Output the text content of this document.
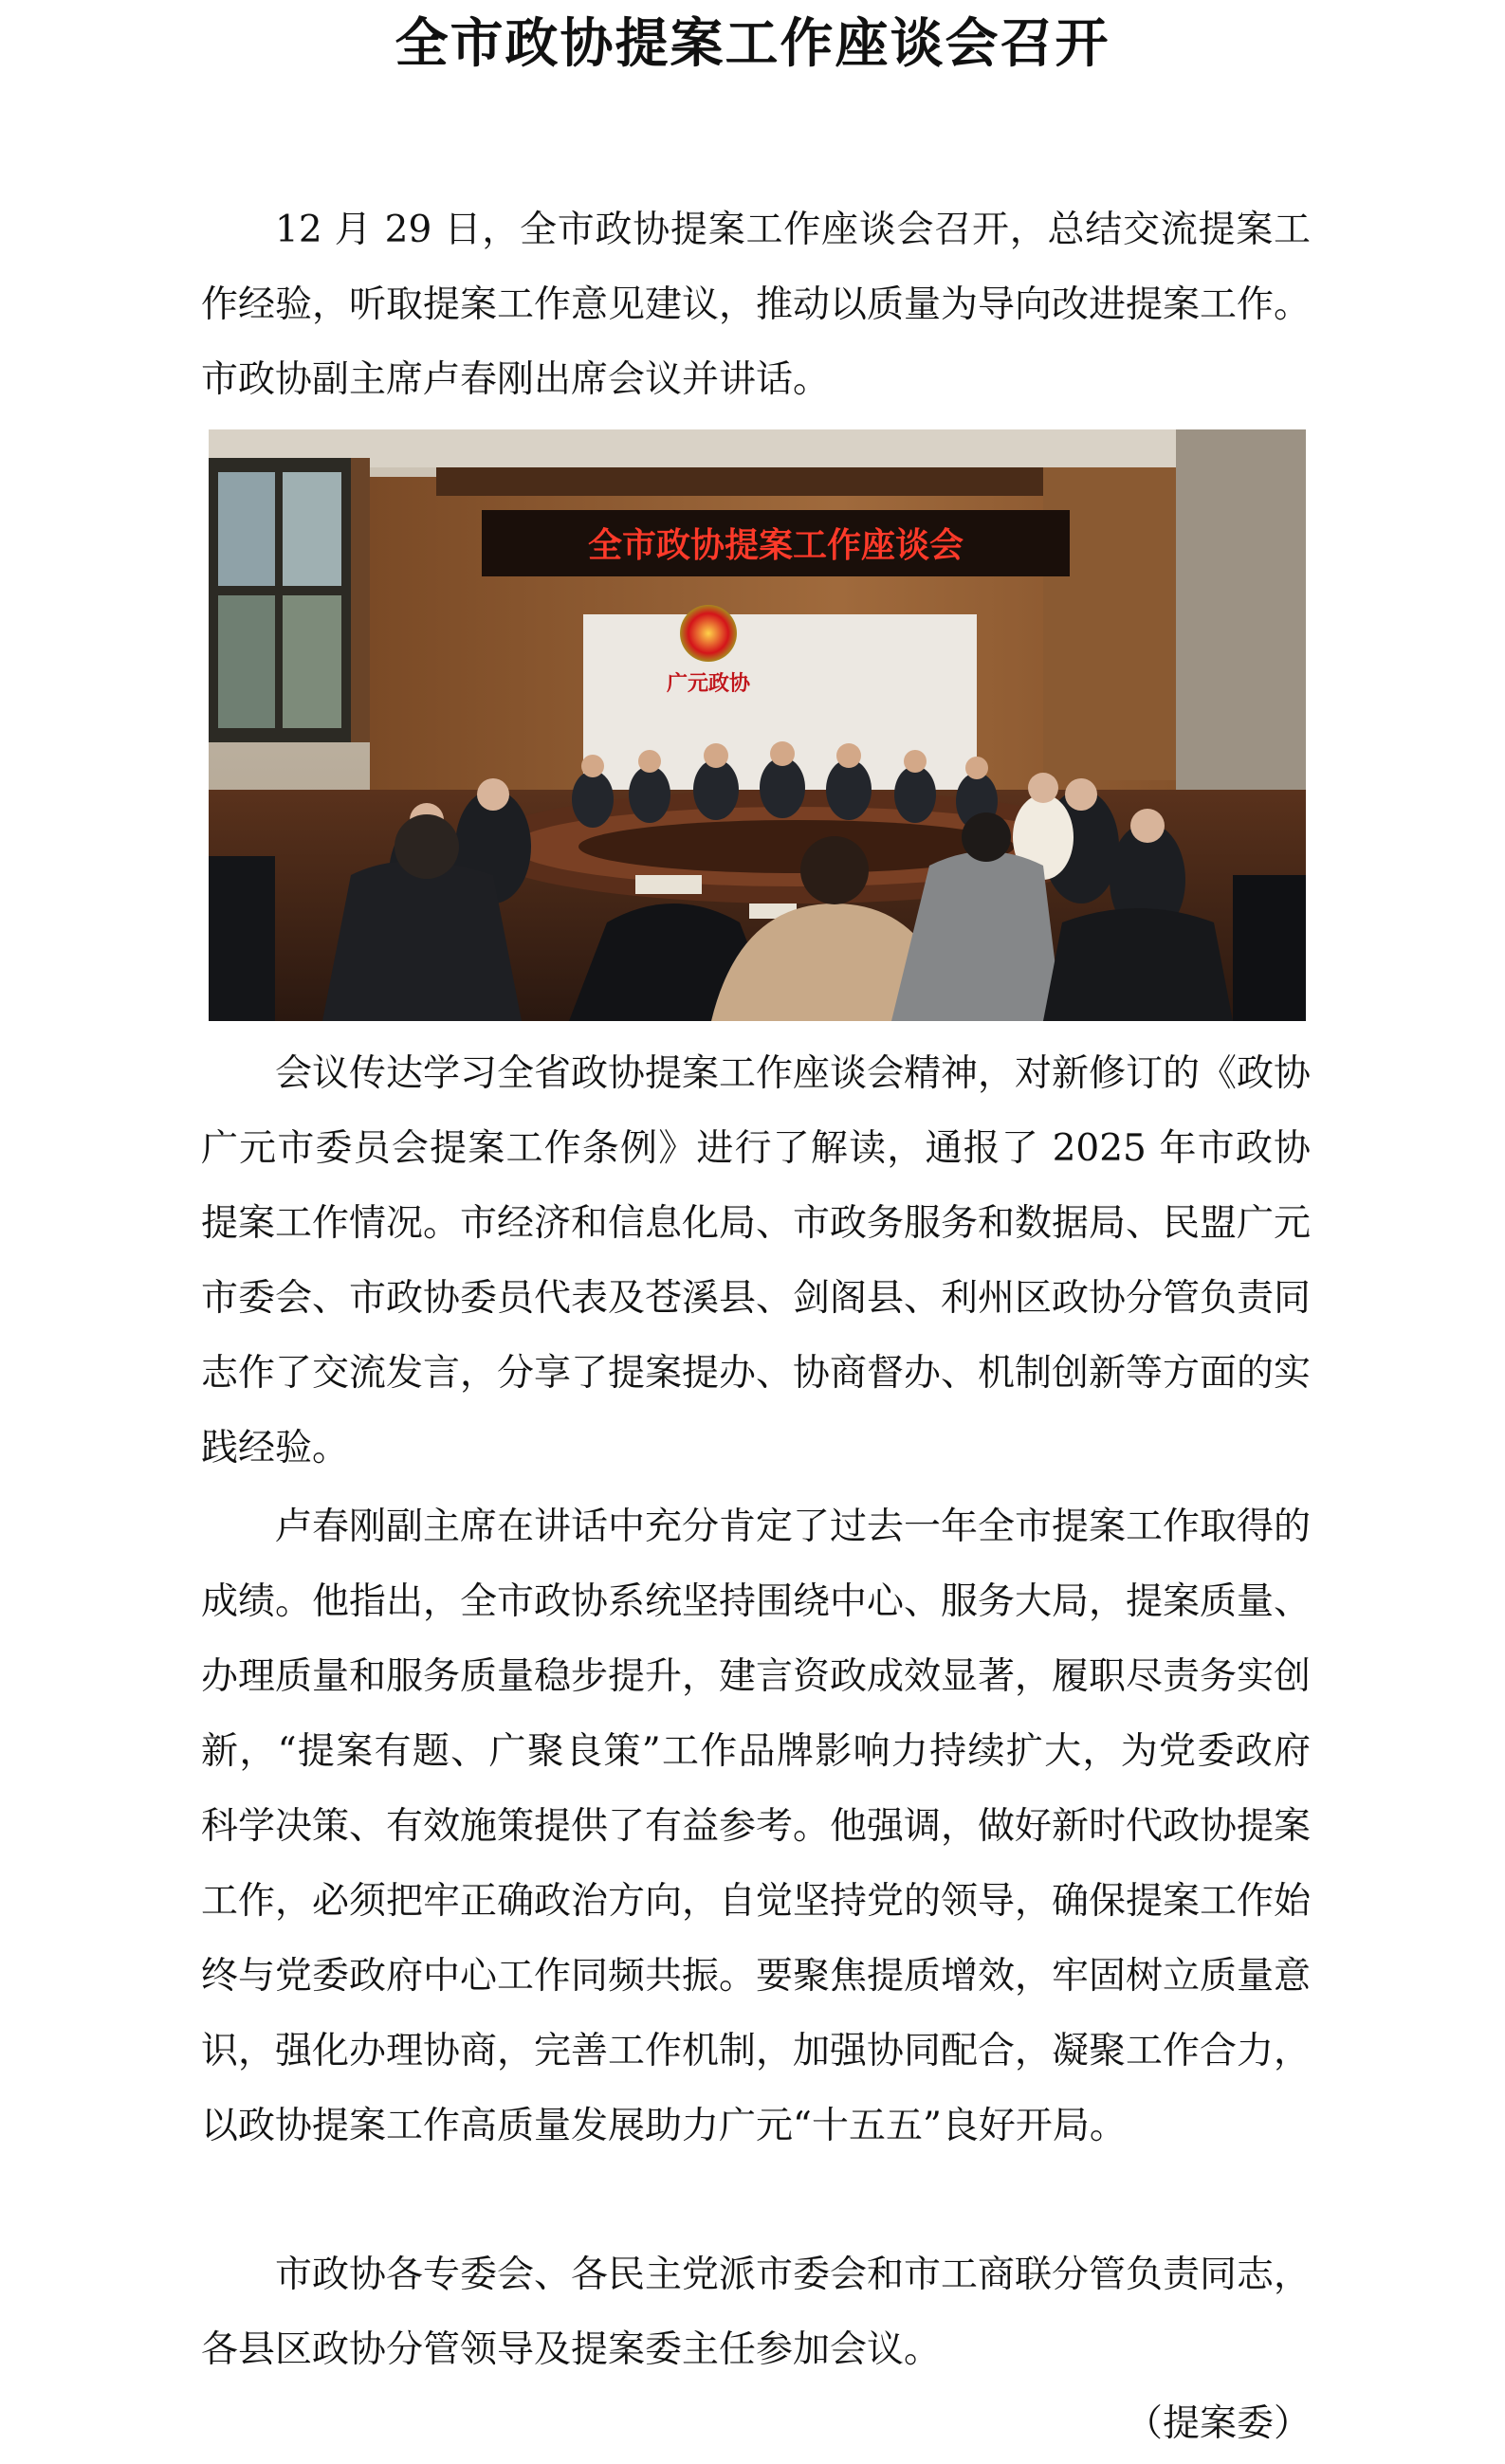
全市政协提案工作座谈会召开

12 月 29 日，全市政协提案工作座谈会召开，总结交流提案工作经验，听取提案工作意见建议，推动以质量为导向改进提案工作。市政协副主席卢春刚出席会议并讲话。

全市政协提案工作座谈会
广元政协

会议传达学习全省政协提案工作座谈会精神，对新修订的《政协广元市委员会提案工作条例》进行了解读，通报了 2025 年市政协提案工作情况。市经济和信息化局、市政务服务和数据局、民盟广元市委会、市政协委员代表及苍溪县、剑阁县、利州区政协分管负责同志作了交流发言，分享了提案提办、协商督办、机制创新等方面的实践经验。

卢春刚副主席在讲话中充分肯定了过去一年全市提案工作取得的成绩。他指出，全市政协系统坚持围绕中心、服务大局，提案质量、办理质量和服务质量稳步提升，建言资政成效显著，履职尽责务实创新，“提案有题、广聚良策”工作品牌影响力持续扩大，为党委政府科学决策、有效施策提供了有益参考。他强调，做好新时代政协提案工作，必须把牢正确政治方向，自觉坚持党的领导，确保提案工作始终与党委政府中心工作同频共振。要聚焦提质增效，牢固树立质量意识，强化办理协商，完善工作机制，加强协同配合，凝聚工作合力，以政协提案工作高质量发展助力广元“十五五”良好开局。

市政协各专委会、各民主党派市委会和市工商联分管负责同志，各县区政协分管领导及提案委主任参加会议。

（提案委）
